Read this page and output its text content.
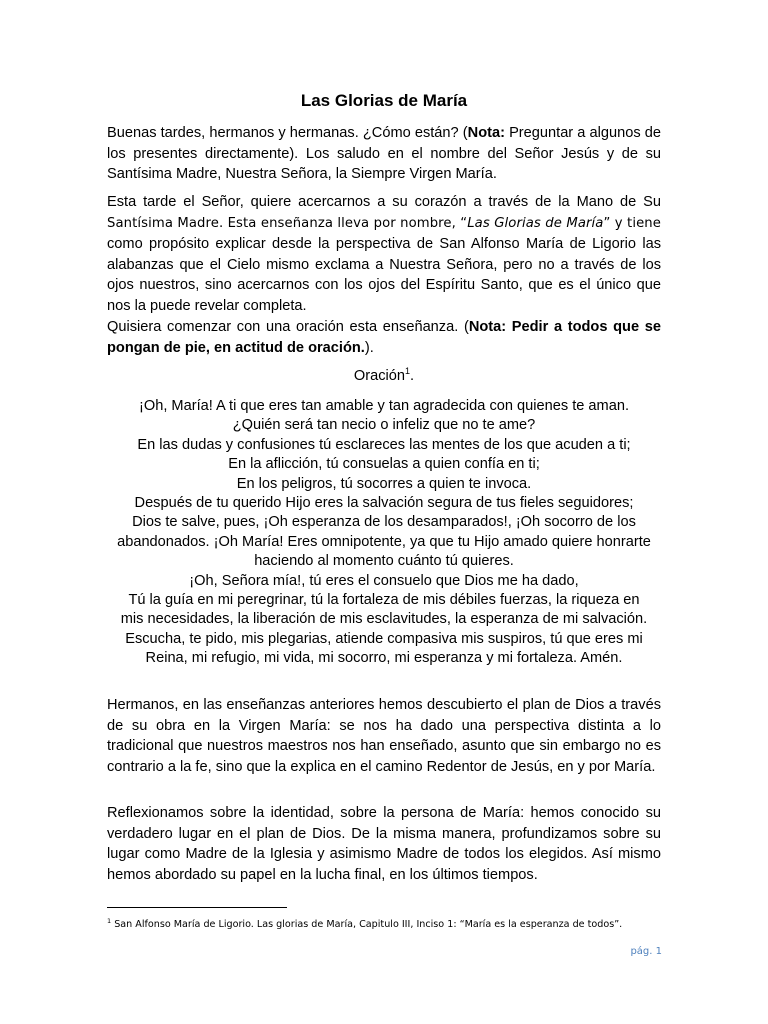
Las Glorias de María
Buenas tardes, hermanos y hermanas. ¿Cómo están? (Nota: Preguntar a algunos de los presentes directamente). Los saludo en el nombre del Señor Jesús y de su Santísima Madre, Nuestra Señora, la Siempre Virgen María.
Esta tarde el Señor, quiere acercarnos a su corazón a través de la Mano de Su Santísima Madre. Esta enseñanza lleva por nombre, “Las Glorias de María” y tiene como propósito explicar desde la perspectiva de San Alfonso María de Ligorio las alabanzas que el Cielo mismo exclama a Nuestra Señora, pero no a través de los ojos nuestros, sino acercarnos con los ojos del Espíritu Santo, que es el único que nos la puede revelar completa.
Quisiera comenzar con una oración esta enseñanza. (Nota: Pedir a todos que se pongan de pie, en actitud de oración.).
Oración$^1$.
¡Oh, María! A ti que eres tan amable y tan agradecida con quienes te aman.
¿Quién será tan necio o infeliz que no te ame?
En las dudas y confusiones tú esclareces las mentes de los que acuden a ti;
En la aflicción, tú consuelas a quien confía en ti;
En los peligros, tú socorres a quien te invoca.
Después de tu querido Hijo eres la salvación segura de tus fieles seguidores;
Dios te salve, pues, ¡Oh esperanza de los desamparados!, ¡Oh socorro de los
abandonados. ¡Oh María! Eres omnipotente, ya que tu Hijo amado quiere honrarte
haciendo al momento cuánto tú quieres.
¡Oh, Señora mía!, tú eres el consuelo que Dios me ha dado,
Tú la guía en mi peregrinar, tú la fortaleza de mis débiles fuerzas, la riqueza en
mis necesidades, la liberación de mis esclavitudes, la esperanza de mi salvación.
Escucha, te pido, mis plegarias, atiende compasiva mis suspiros, tú que eres mi
Reina, mi refugio, mi vida, mi socorro, mi esperanza y mi fortaleza. Amén.
Hermanos, en las enseñanzas anteriores hemos descubierto el plan de Dios a través de su obra en la Virgen María: se nos ha dado una perspectiva distinta a lo tradicional que nuestros maestros nos han enseñado, asunto que sin embargo no es contrario a la fe, sino que la explica en el camino Redentor de Jesús, en y por María.
Reflexionamos sobre la identidad, sobre la persona de María: hemos conocido su verdadero lugar en el plan de Dios. De la misma manera, profundizamos sobre su lugar como Madre de la Iglesia y asimismo Madre de todos los elegidos. Así mismo hemos abordado su papel en la lucha final, en los últimos tiempos.
$^1$ San Alfonso María de Ligorio. Las glorias de María, Capitulo III, Inciso 1: “María es la esperanza de todos”.
pág. 1
